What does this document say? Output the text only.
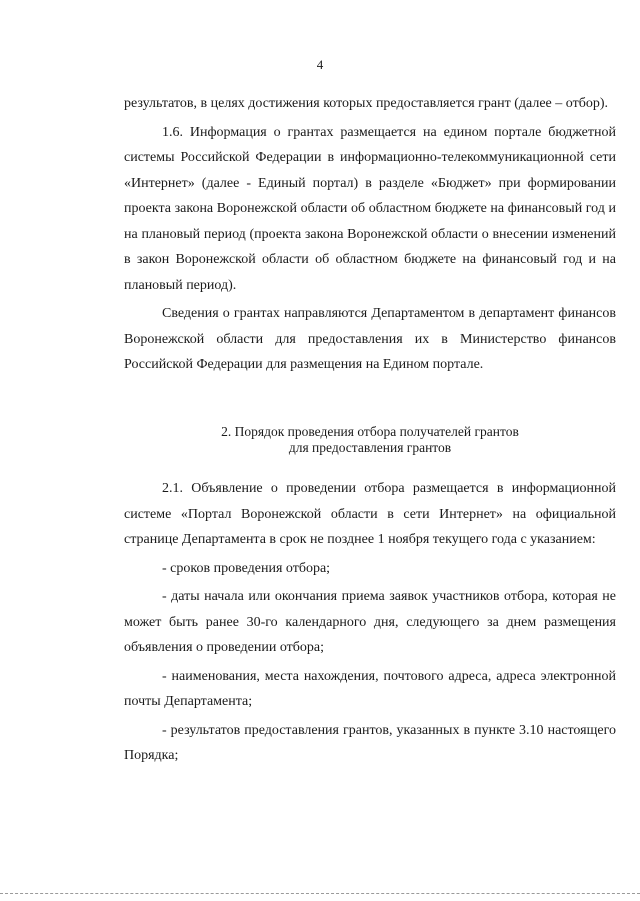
4

результатов, в целях достижения которых предоставляется грант (далее – отбор).

1.6. Информация о грантах размещается на едином портале бюджетной системы Российской Федерации в информационно-телекоммуникационной сети «Интернет» (далее - Единый портал) в разделе «Бюджет» при формировании проекта закона Воронежской области об областном бюджете на финансовый год и на плановый период (проекта закона Воронежской области о внесении изменений в закон Воронежской области об областном бюджете на финансовый год и на плановый период).

Сведения о грантах направляются Департаментом в департамент финансов Воронежской области для предоставления их в Министерство финансов Российской Федерации для размещения на Едином портале.

2. Порядок проведения отбора получателей грантов
для предоставления грантов

2.1. Объявление о проведении отбора размещается в информационной системе «Портал Воронежской области в сети Интернет» на официальной странице Департамента в срок не позднее 1 ноября текущего года с указанием:

- сроков проведения отбора;

- даты начала или окончания приема заявок участников отбора, которая не может быть ранее 30-го календарного дня, следующего за днем размещения объявления о проведении отбора;

- наименования, места нахождения, почтового адреса, адреса электронной почты Департамента;

- результатов предоставления грантов, указанных в пункте 3.10 настоящего Порядка;
